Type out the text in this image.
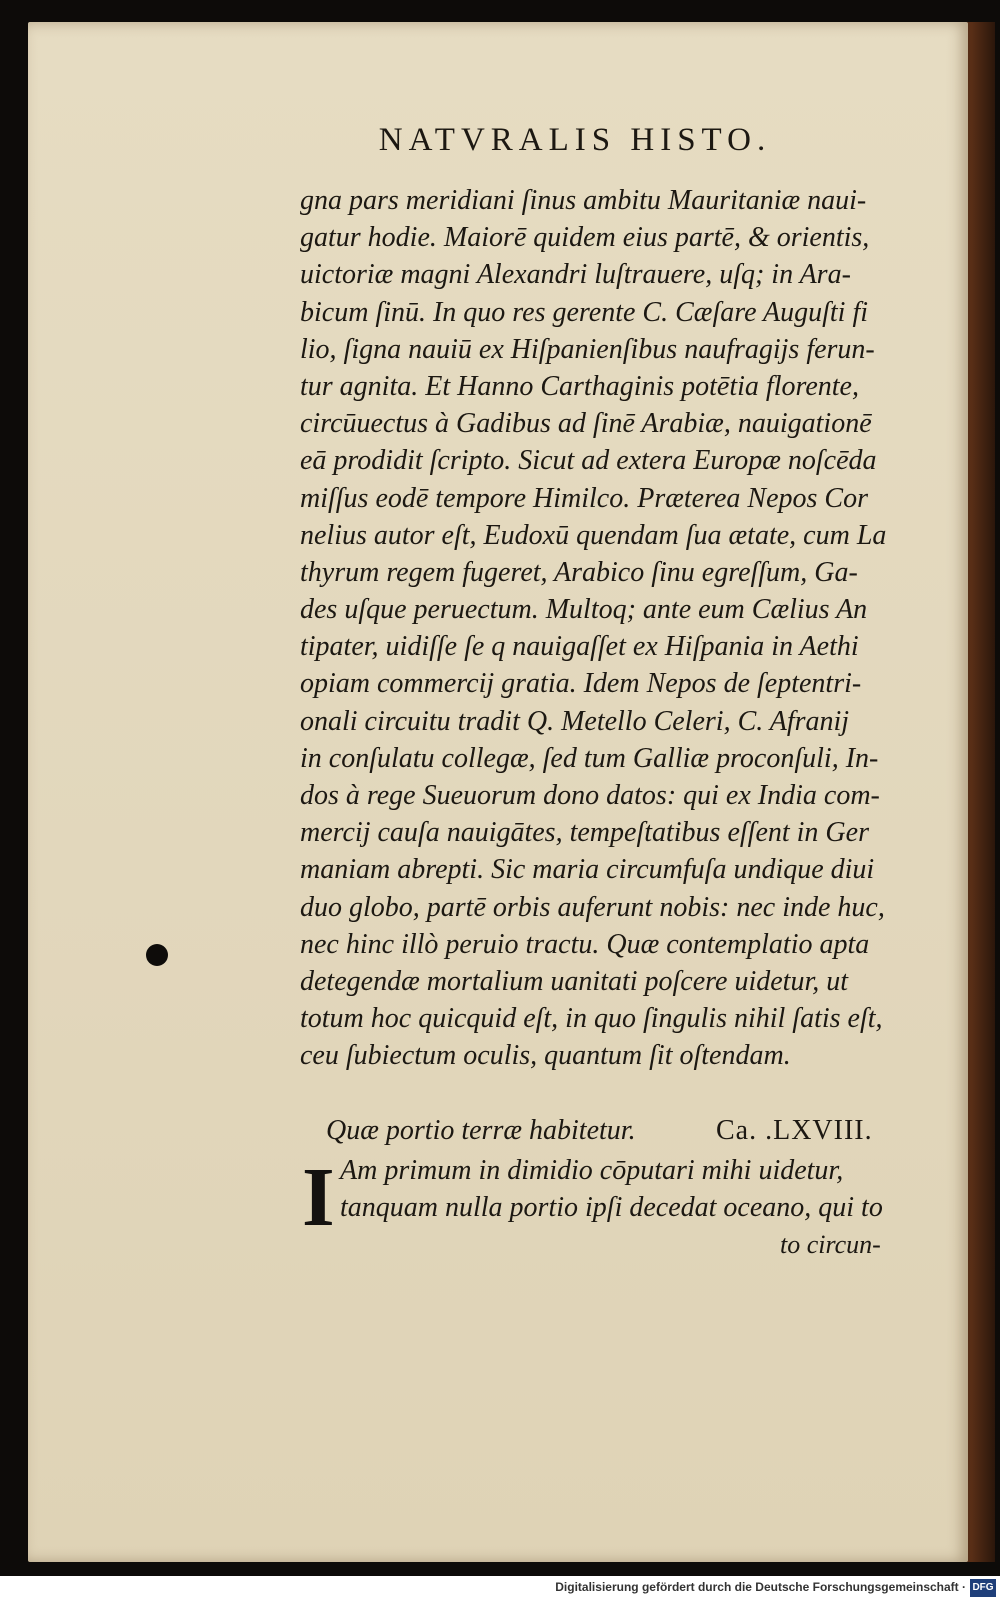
NATVRALIS HISTO.
gna pars meridiani ſinus ambitu Mauritaniæ naui-
gatur hodie. Maiorē quidem eius partē, & orientis,
uictoriæ magni Alexandri luſtrauere, uſq; in Ara-
bicum ſinū. In quo res gerente C. Cæſare Auguſti fi
lio, ſigna nauiū ex Hiſpanienſibus naufragijs ferun-
tur agnita. Et Hanno Carthaginis potētia florente,
circūuectus à Gadibus ad ſinē Arabiæ, nauigationē
eā prodidit ſcripto. Sicut ad extera Europæ noſcēda
miſſus eodē tempore Himilco. Præterea Nepos Cor
nelius autor eſt, Eudoxū quendam ſua ætate, cum La
thyrum regem fugeret, Arabico ſinu egreſſum, Ga-
des uſque peruectum. Multoq; ante eum Cælius An
tipater, uidiſſe ſe q nauigaſſet ex Hiſpania in Aethi
opiam commercij gratia. Idem Nepos de ſeptentri-
onali circuitu tradit Q. Metello Celeri, C. Afranij
in conſulatu collegæ, ſed tum Galliæ proconſuli, In-
dos à rege Sueuorum dono datos: qui ex India com-
mercij cauſa nauigātes, tempeſtatibus eſſent in Ger
maniam abrepti. Sic maria circumfuſa undique diui
duo globo, partē orbis auferunt nobis: nec inde huc,
nec hinc illò peruio tractu. Quæ contemplatio apta
detegendæ mortalium uanitati poſcere uidetur, ut
totum hoc quicquid eſt, in quo ſingulis nihil ſatis eſt,
ceu ſubiectum oculis, quantum ſit oſtendam.
Quæ portio terræ habitetur.	Ca. .LXVIII.
I Am primum in dimidio cōputari mihi uidetur,
tanquam nulla portio ipſi decedat oceano, qui to
to circun-
Digitalisierung gefördert durch die Deutsche Forschungsgemeinschaft · DFG
